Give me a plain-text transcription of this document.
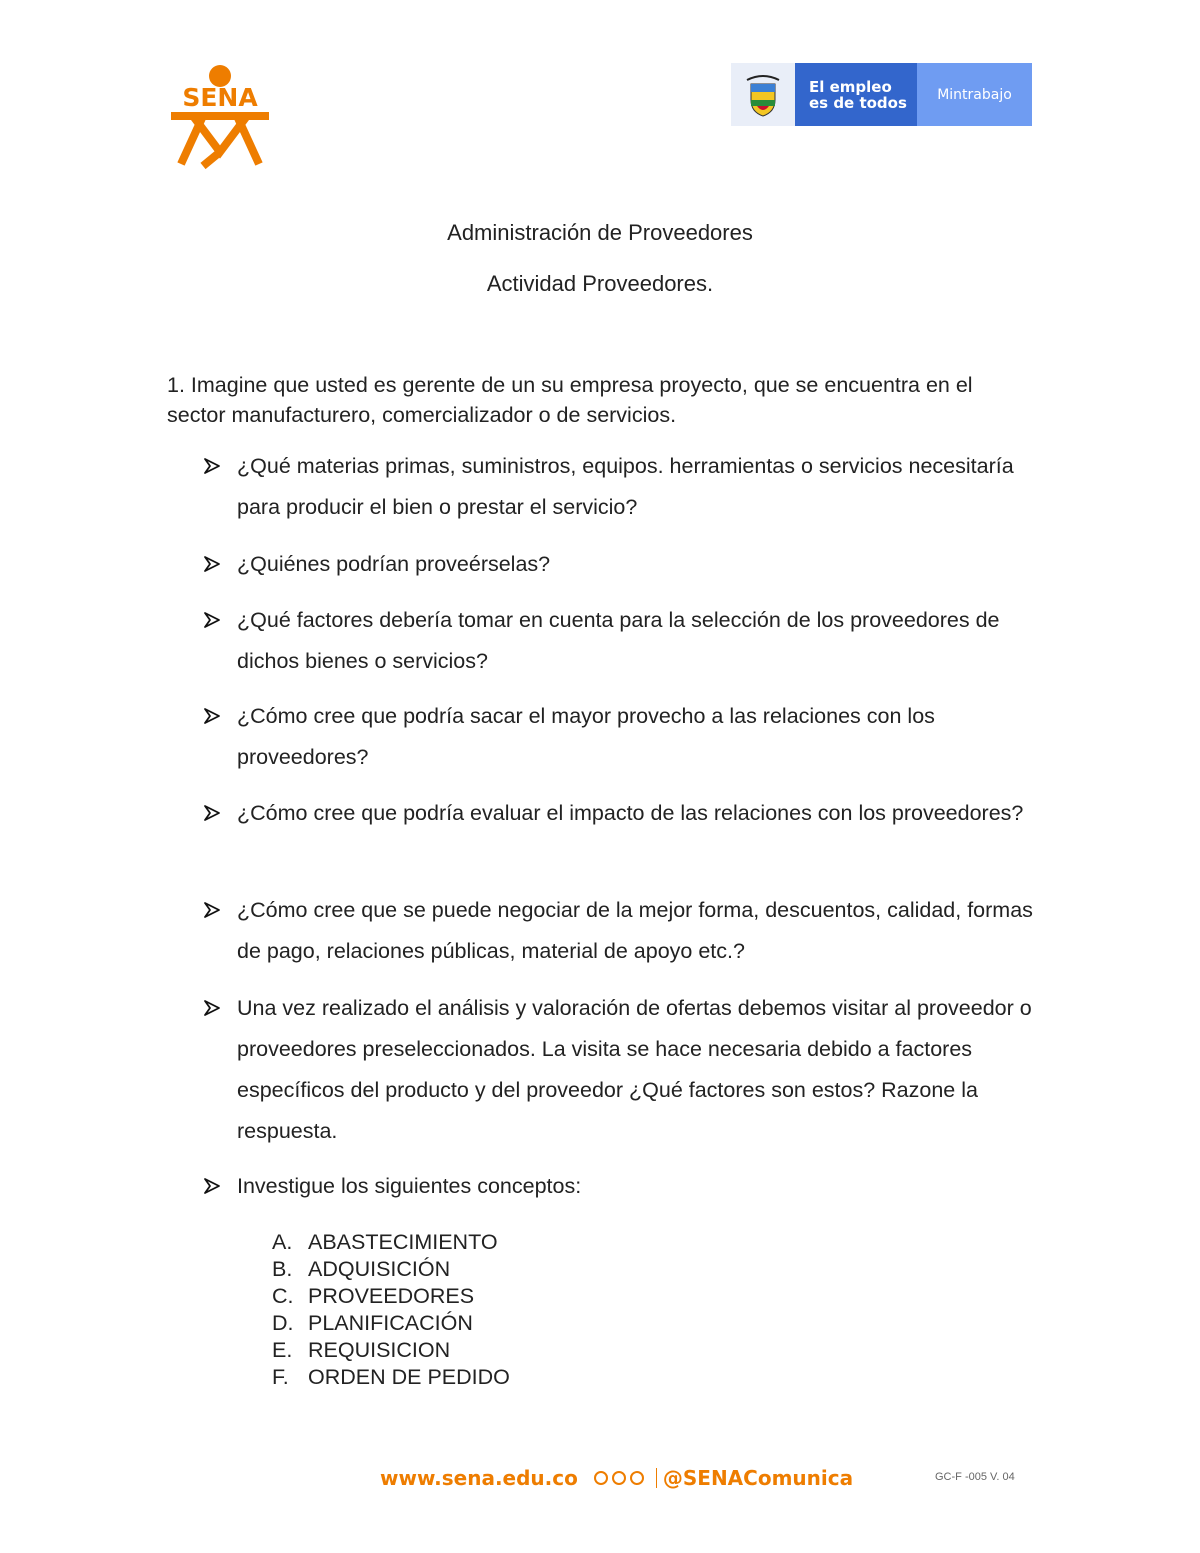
SENA	El empleo
es de todos	Mintrabajo
Administración de Proveedores
Actividad Proveedores.
1. Imagine que usted es gerente de un su empresa proyecto, que se encuentra en el sector manufacturero, comercializador o de servicios.
¿Qué materias primas, suministros, equipos. herramientas o servicios necesitaría para producir el bien o prestar el servicio?
¿Quiénes podrían proveérselas?
¿Qué factores debería tomar en cuenta para la selección de los proveedores de dichos bienes o servicios?
¿Cómo cree que podría sacar el mayor provecho a las relaciones con los proveedores?
¿Cómo cree que podría evaluar el impacto de las relaciones con los proveedores?
¿Cómo cree que se puede negociar de la mejor forma, descuentos, calidad, formas de pago, relaciones públicas, material de apoyo etc.?
Una vez realizado el análisis y valoración de ofertas debemos visitar al proveedor o proveedores preseleccionados. La visita se hace necesaria debido a factores específicos del producto y del proveedor ¿Qué factores son estos? Razone la respuesta.
Investigue los siguientes conceptos:
A. ABASTECIMIENTO
B. ADQUISICIÓN
C. PROVEEDORES
D. PLANIFICACIÓN
E. REQUISICION
F. ORDEN DE PEDIDO
www.sena.edu.co	@SENAComunica	GC-F -005 V. 04
